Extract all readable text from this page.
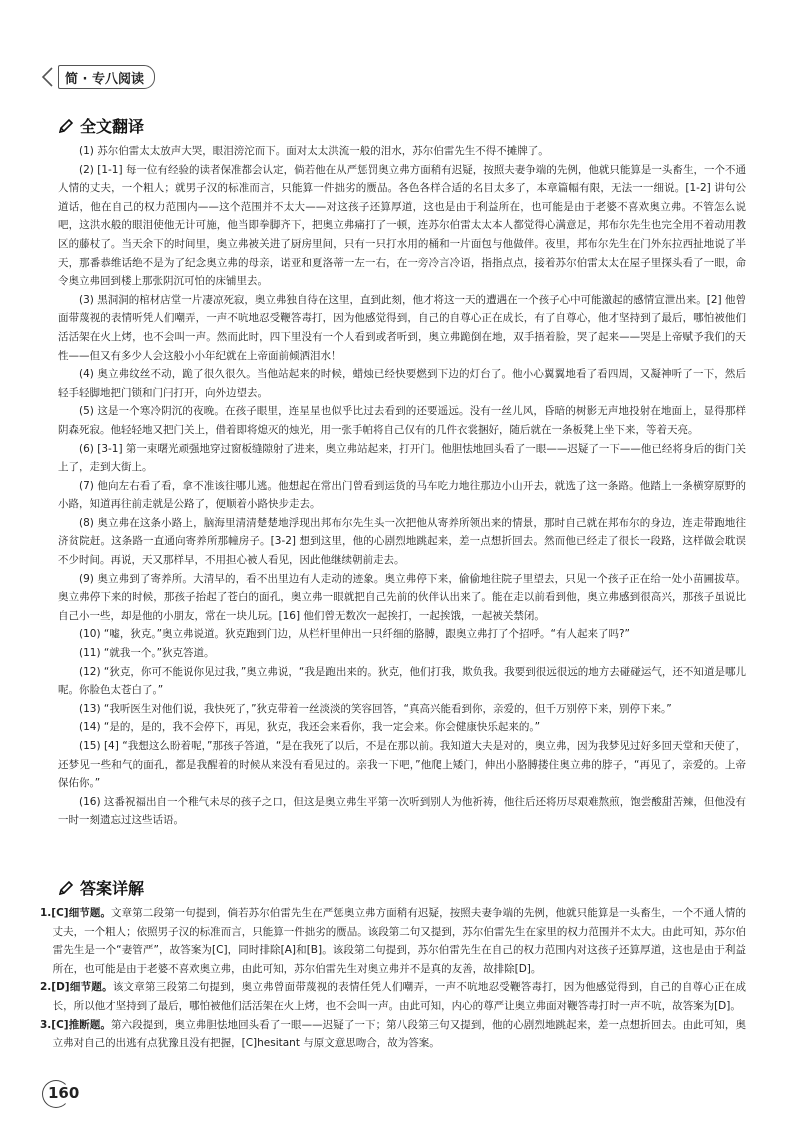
简 · 专八阅读
全文翻译

(1) 苏尔伯雷太太放声大哭，眼泪滂沱而下。面对太太洪流一般的泪水，苏尔伯雷先生不得不摊牌了。

(2) [1-1] 每一位有经验的读者保准都会认定，倘若他在从严惩罚奥立弗方面稍有迟疑，按照夫妻争端的先例，他就只能算是一头畜生，一个不通人情的丈夫，一个粗人；就男子汉的标准而言，只能算一件拙劣的赝品。各色各样合适的名目太多了，本章篇幅有限，无法一一细说。[1-2] 讲句公道话，他在自己的权力范围内——这个范围并不太大——对这孩子还算厚道，这也是由于利益所在，也可能是由于老婆不喜欢奥立弗。不管怎么说吧，这洪水般的眼泪使他无计可施，他当即拳脚齐下，把奥立弗痛打了一顿，连苏尔伯雷太太本人都觉得心满意足，邦布尔先生也完全用不着动用教区的藤杖了。当天余下的时间里，奥立弗被关进了厨房里间，只有一只打水用的桶和一片面包与他做伴。夜里，邦布尔先生在门外东拉西扯地说了半天，那番恭维话绝不是为了纪念奥立弗的母亲，诺亚和夏洛蒂一左一右，在一旁冷言冷语，指指点点，接着苏尔伯雷太太在屋子里探头看了一眼，命令奥立弗回到楼上那张阴沉可怕的床铺里去。

(3) 黑洞洞的棺材店堂一片凄凉死寂，奥立弗独自待在这里，直到此刻，他才将这一天的遭遇在一个孩子心中可能激起的感情宣泄出来。[2] 他曾面带蔑视的表情听凭人们嘲弄，一声不吭地忍受鞭答毒打，因为他感觉得到，自己的自尊心正在成长，有了自尊心，他才坚持到了最后，哪怕被他们活活架在火上烤，也不会叫一声。然而此时，四下里没有一个人看到或者听到，奥立弗跪倒在地，双手捂着脸，哭了起来——哭是上帝赋予我们的天性——但又有多少人会这般小小年纪就在上帝面前倾洒泪水！

(4) 奥立弗纹丝不动，跪了很久很久。当他站起来的时候，蜡烛已经快要燃到下边的灯台了。他小心翼翼地看了看四周，又凝神听了一下，然后轻手轻脚地把门锁和门闩打开，向外边望去。

(5) 这是一个寒冷阴沉的夜晚。在孩子眼里，连星星也似乎比过去看到的还要遥远。没有一丝儿风，昏暗的树影无声地投射在地面上，显得那样阴森死寂。他轻轻地又把门关上，借着即将熄灭的烛光，用一张手帕将自己仅有的几件衣裳捆好，随后就在一条板凳上坐下来，等着天亮。

(6) [3-1] 第一束曙光顽强地穿过窗板缝隙射了进来，奥立弗站起来，打开门。他胆怯地回头看了一眼——迟疑了一下——他已经将身后的街门关上了，走到大街上。

(7) 他向左右看了看，拿不准该往哪儿逃。他想起在常出门曾看到运货的马车吃力地往那边小山开去，就选了这一条路。他踏上一条横穿原野的小路，知道再往前走就是公路了，便顺着小路快步走去。

(8) 奥立弗在这条小路上，脑海里清清楚楚地浮现出邦布尔先生头一次把他从寄养所领出来的情景，那时自己就在邦布尔的身边，连走带跑地往济贫院赶。这条路一直通向寄养所那幢房子。[3-2] 想到这里，他的心剧烈地跳起来，差一点想折回去。然而他已经走了很长一段路，这样做会耽误不少时间。再说，天又那样早，不用担心被人看见，因此他继续朝前走去。

(9) 奥立弗到了寄养所。大清早的，看不出里边有人走动的迹象。奥立弗停下来，偷偷地往院子里望去，只见一个孩子正在给一处小苗圃拔草。奥立弗停下来的时候，那孩子抬起了苍白的面孔，奥立弗一眼就把自己先前的伙伴认出来了。能在走以前看到他，奥立弗感到很高兴，那孩子虽说比自己小一些，却是他的小朋友，常在一块儿玩。[16] 他们曾无数次一起挨打，一起挨饿，一起被关禁闭。

(10) “嘘，狄克。”奥立弗说道。狄克跑到门边，从栏杆里伸出一只纤细的胳膊，跟奥立弗打了个招呼。“有人起来了吗?”

(11) “就我一个。”狄克答道。

(12) “狄克，你可不能说你见过我，”奥立弗说，“我是跑出来的。狄克，他们打我，欺负我。我要到很远很远的地方去碰碰运气，还不知道是哪儿呢。你脸色太苍白了。”

(13) “我听医生对他们说，我快死了，”狄克带着一丝淡淡的笑容回答，“真高兴能看到你，亲爱的，但千万别停下来，别停下来。”

(14) “是的，是的，我不会停下，再见，狄克，我还会来看你，我一定会来。你会健康快乐起来的。”

(15) [4] “我想这么盼着呢，”那孩子答道，“是在我死了以后，不是在那以前。我知道大夫是对的，奥立弗，因为我梦见过好多回天堂和天使了，还梦见一些和气的面孔，都是我醒着的时候从来没有看见过的。亲我一下吧，”他爬上矮门，伸出小胳膊搂住奥立弗的脖子，“再见了，亲爱的。上帝保佑你。”

(16) 这番祝福出自一个稚气未尽的孩子之口，但这是奥立弗生平第一次听到别人为他祈祷，他往后还将历尽艰难熬煎，饱尝酸甜苦辣，但他没有一时一刻遗忘过这些话语。

答案详解

1.[C]细节题。文章第二段第一句提到，倘若苏尔伯雷先生在严惩奥立弗方面稍有迟疑，按照夫妻争端的先例，他就只能算是一头畜生，一个不通人情的丈夫，一个粗人；依照男子汉的标准而言，只能算一件拙劣的赝品。该段第二句又提到，苏尔伯雷先生在家里的权力范围并不太大。由此可知，苏尔伯雷先生是一个“妻管严”，故答案为[C]，同时排除[A]和[B]。该段第二句提到，苏尔伯雷先生在自己的权力范围内对这孩子还算厚道，这也是由于利益所在，也可能是由于老婆不喜欢奥立弗，由此可知，苏尔伯雷先生对奥立弗并不是真的友善，故排除[D]。

2.[D]细节题。该文章第三段第二句提到，奥立弗曾面带蔑视的表情任凭人们嘲弄，一声不吭地忍受鞭答毒打，因为他感觉得到，自己的自尊心正在成长，所以他才坚持到了最后，哪怕被他们活活架在火上烤，也不会叫一声。由此可知，内心的尊严让奥立弗面对鞭答毒打时一声不吭，故答案为[D]。

3.[C]推断题。第六段提到，奥立弗胆怯地回头看了一眼——迟疑了一下；第八段第三句又提到，他的心剧烈地跳起来，差一点想折回去。由此可知，奥立弗对自己的出逃有点犹豫且没有把握，[C]hesitant 与原文意思吻合，故为答案。

160
